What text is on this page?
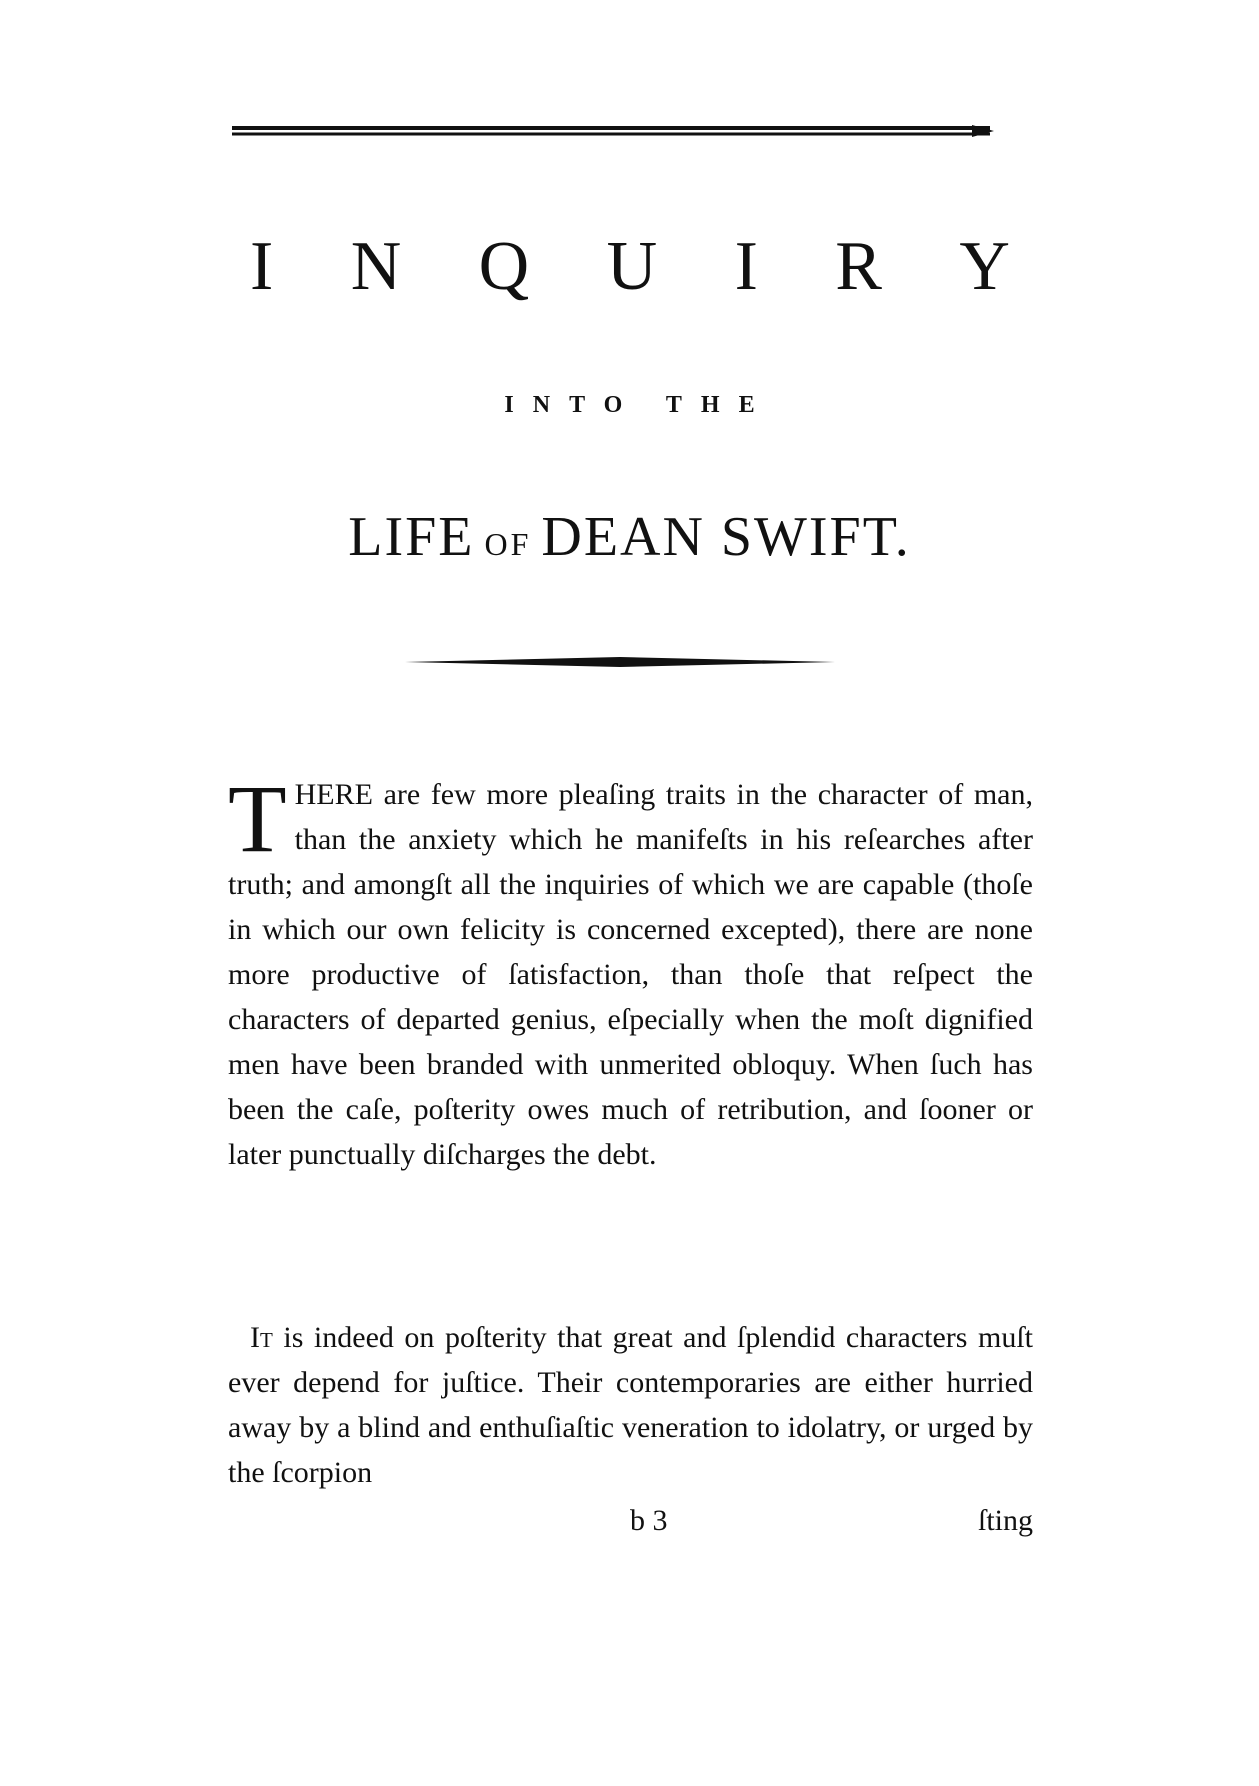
I N Q U I R Y
INTO THE
LIFE OF DEAN SWIFT.

THERE are few more pleaſing traits in the character of man, than the anxiety which he manifeſts in his reſearches after truth; and amongſt all the inquiries of which we are capable (thoſe in which our own felicity is concerned excepted), there are none more productive of ſatisfaction, than thoſe that reſpect the characters of departed genius, eſpecially when the moſt dignified men have been branded with unmerited obloquy. When ſuch has been the caſe, poſterity owes much of retribution, and ſooner or later punctually diſcharges the debt.

It is indeed on poſterity that great and ſplendid characters muſt ever depend for juſtice. Their contemporaries are either hurried away by a blind and enthuſiaſtic veneration to idolatry, or urged by the ſcorpion

b 3	ſting
